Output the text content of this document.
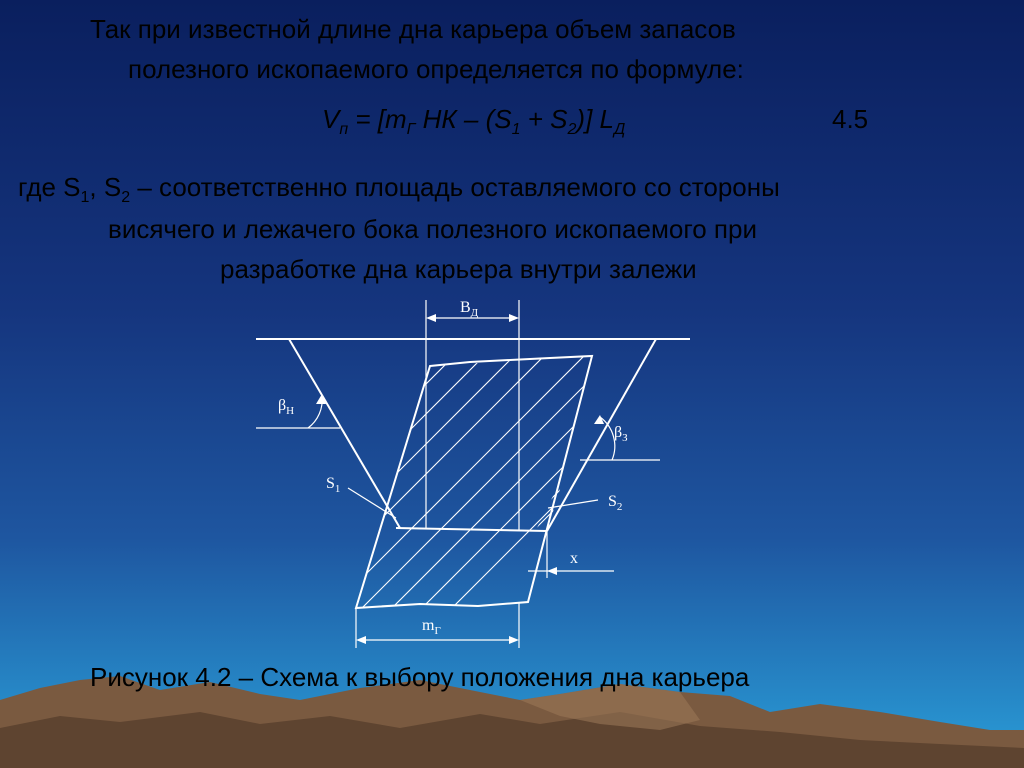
Так при известной длине дна карьера объем запасов
полезного ископаемого определяется по формуле:
$V_п = [m_Г$ НК – $(S_1 + S_2)$] $L_Д$	4.5
где $S_1$, $S_2$ – соответственно площадь оставляемого со стороны
висячего и лежачего бока полезного ископаемого при
разработке дна карьера внутри залежи
$В_Д$
$\beta_Н$
$\beta_З$
$S_1$
$S_2$
x
$m_Г$
Рисунок 4.2 – Схема к выбору положения дна карьера
